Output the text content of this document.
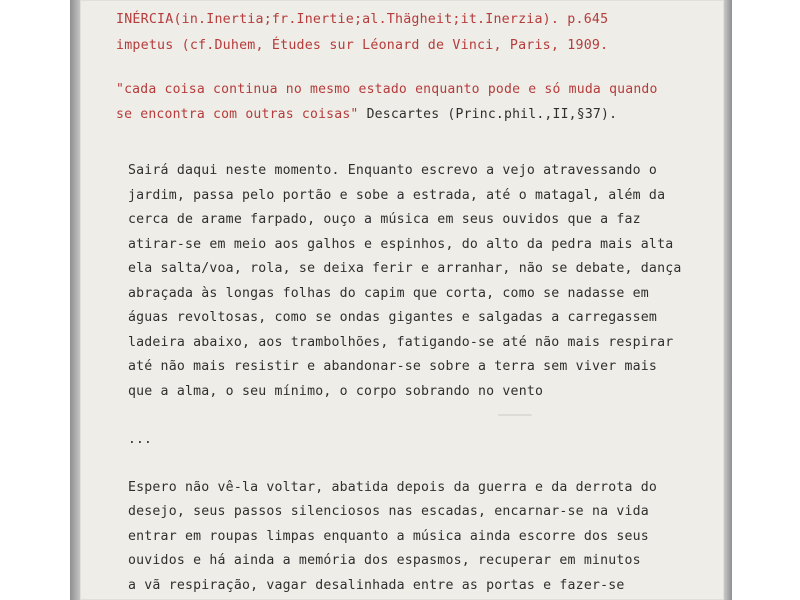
INÉRCIA(in.Inertia;fr.Inertie;al.Thägheit;it.Inerzia). p.645
impetus (cf.Duhem, Études sur Léonard de Vinci, Paris, 1909.
"cada coisa continua no mesmo estado enquanto pode e só muda quando
se encontra com outras coisas" Descartes (Princ.phil.,II,§37).
Sairá daqui neste momento. Enquanto escrevo a vejo atravessando o
jardim, passa pelo portão e sobe a estrada, até o matagal, além da
cerca de arame farpado, ouço a música em seus ouvidos que a faz
atirar-se em meio aos galhos e espinhos, do alto da pedra mais alta
ela salta/voa, rola, se deixa ferir e arranhar, não se debate, dança
abraçada às longas folhas do capim que corta, como se nadasse em
águas revoltosas, como se ondas gigantes e salgadas a carregassem
ladeira abaixo, aos trambolhões, fatigando-se até não mais respirar
até não mais resistir e abandonar-se sobre a terra sem viver mais
que a alma, o seu mínimo, o corpo sobrando no vento
...
Espero não vê-la voltar, abatida depois da guerra e da derrota do
desejo, seus passos silenciosos nas escadas, encarnar-se na vida
entrar em roupas limpas enquanto a música ainda escorre dos seus
ouvidos e há ainda a memória dos espasmos, recuperar em minutos
a vã respiração, vagar desalinhada entre as portas e fazer-se
